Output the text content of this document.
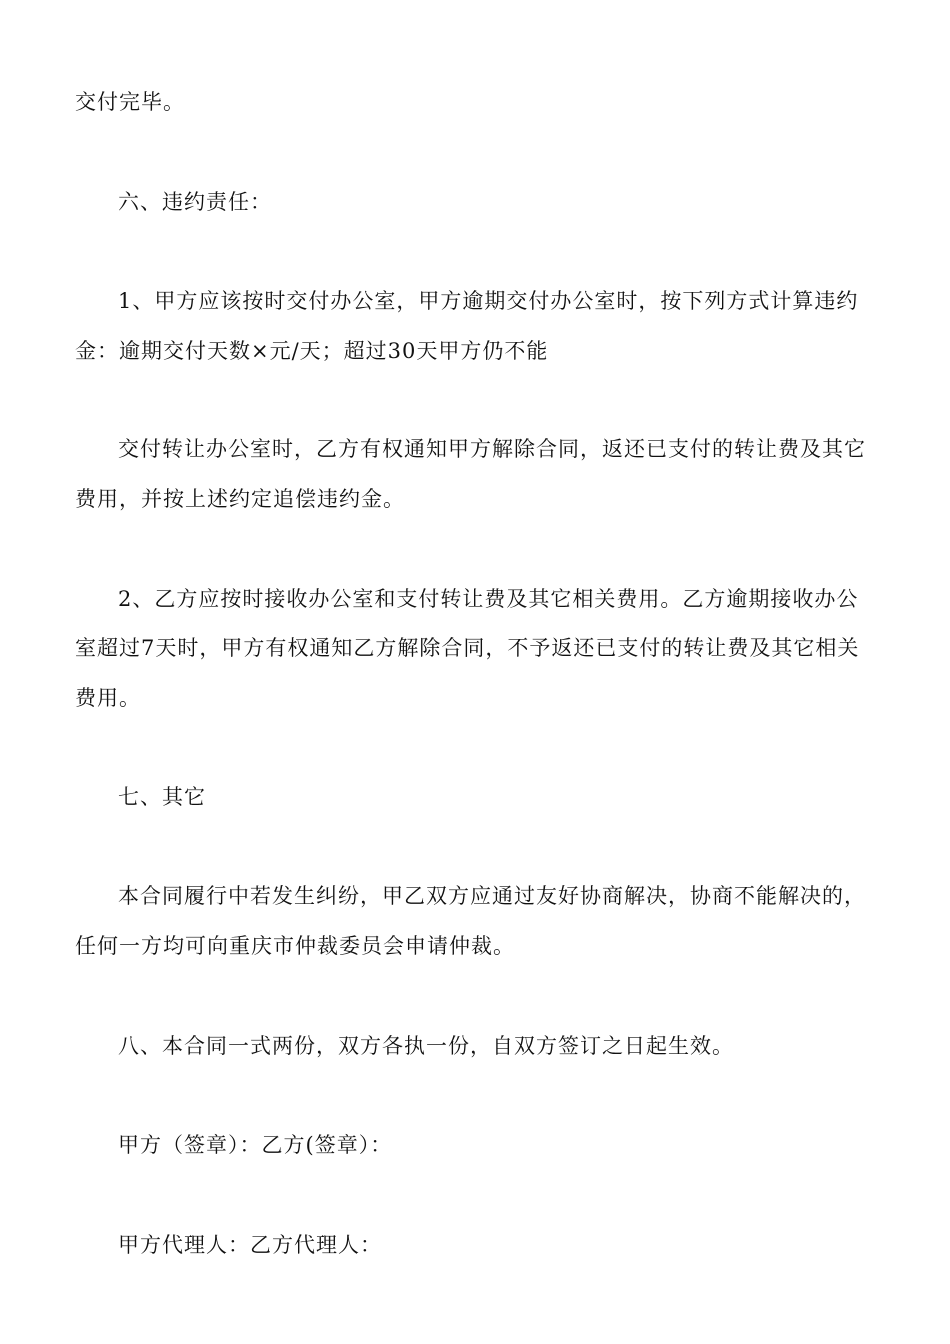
交付完毕。
六、违约责任：
1、甲方应该按时交付办公室，甲方逾期交付办公室时，按下列方式计算违约
金：逾期交付天数×元/天；超过30天甲方仍不能
交付转让办公室时，乙方有权通知甲方解除合同，返还已支付的转让费及其它
费用，并按上述约定追偿违约金。
2、乙方应按时接收办公室和支付转让费及其它相关费用。乙方逾期接收办公
室超过7天时，甲方有权通知乙方解除合同，不予返还已支付的转让费及其它相关
费用。
七、其它
本合同履行中若发生纠纷，甲乙双方应通过友好协商解决，协商不能解决的，
任何一方均可向重庆市仲裁委员会申请仲裁。
八、本合同一式两份，双方各执一份，自双方签订之日起生效。
甲方（签章）：乙方(签章）：
甲方代理人：乙方代理人：
